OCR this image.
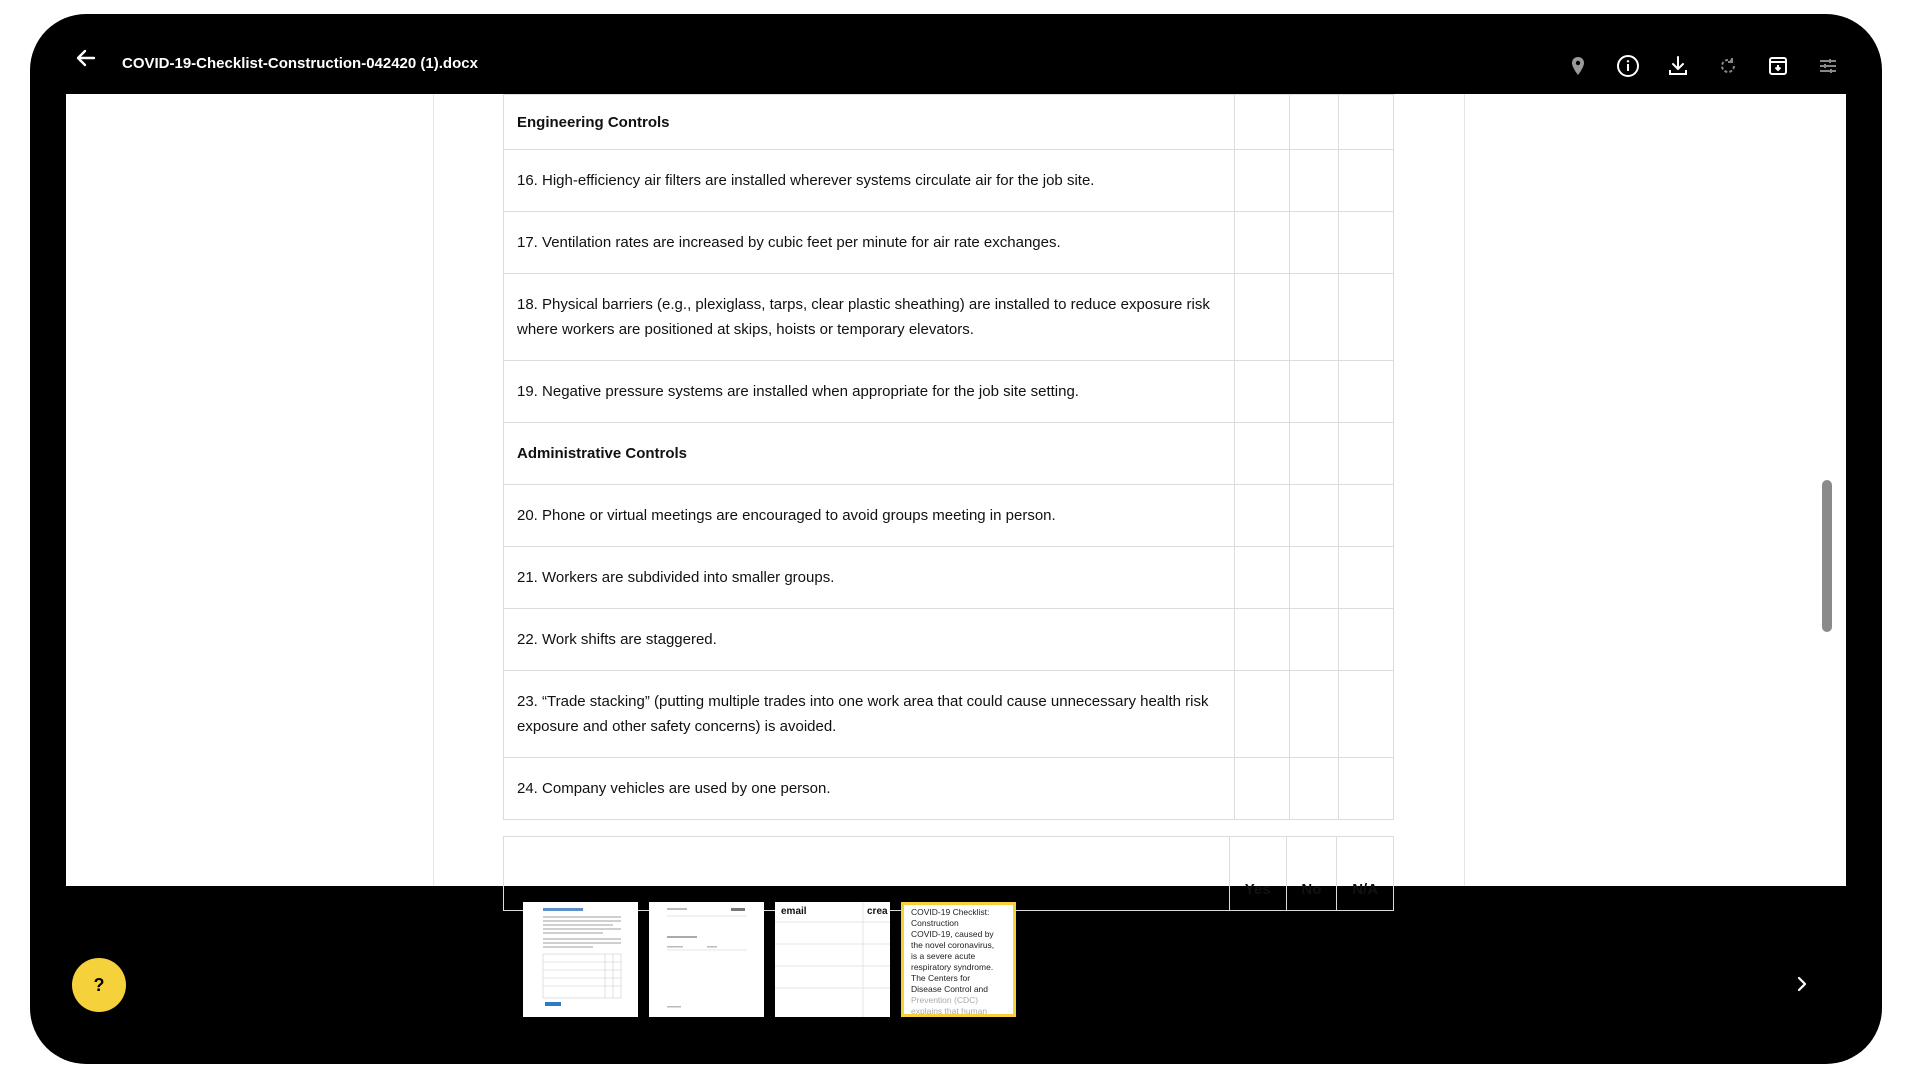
COVID-19-Checklist-Construction-042420 (1).docx
Engineering Controls			
16. High-efficiency air filters are installed wherever systems circulate air for the job site.			
17. Ventilation rates are increased by cubic feet per minute for air rate exchanges.			
18. Physical barriers (e.g., plexiglass, tarps, clear plastic sheathing) are installed to reduce exposure risk where workers are positioned at skips, hoists or temporary elevators.			
19. Negative pressure systems are installed when appropriate for the job site setting.			
Administrative Controls			
20. Phone or virtual meetings are encouraged to avoid groups meeting in person.			
21. Workers are subdivided into smaller groups.			
22. Work shifts are staggered.			
23. “Trade stacking” (putting multiple trades into one work area that could cause unnecessary health risk exposure and other safety concerns) is avoided.			
24. Company vehicles are used by one person.			
	Yes	No	N/A
email	crea	COVID-19 Checklist:
Construction
COVID-19, caused by
the novel coronavirus,
is a severe acute
respiratory syndrome.
The Centers for
Disease Control and
Prevention (CDC)
explains that human
?
